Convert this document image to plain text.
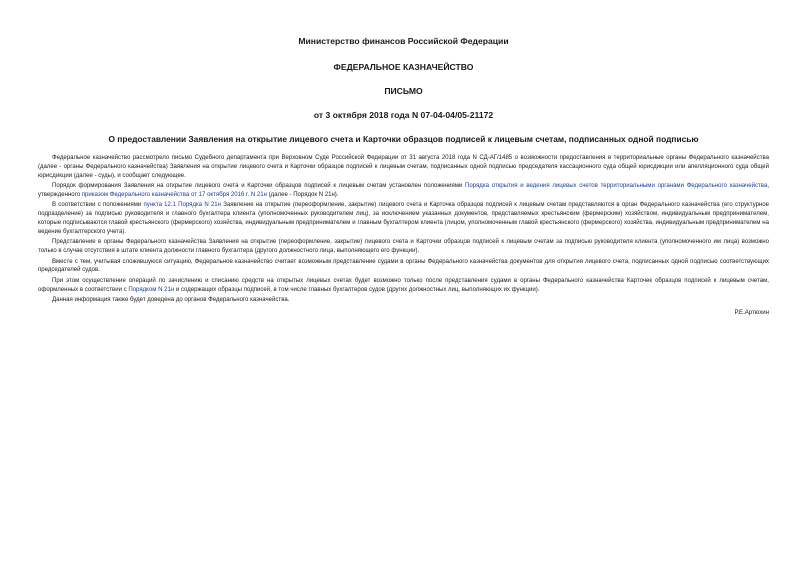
Министерство финансов Российской Федерации
ФЕДЕРАЛЬНОЕ КАЗНАЧЕЙСТВО
ПИСЬМО
от 3 октября 2018 года N 07-04-04/05-21172
О предоставлении Заявления на открытие лицевого счета и Карточки образцов подписей к лицевым счетам, подписанных одной подписью

Федеральное казначейство рассмотрело письмо Судебного департамента при Верховном Суде Российской Федерации от 31 августа 2018 года N СД-АГ/1485 о возможности предоставления в территориальные органы Федерального казначейства (далее - органы Федерального казначейства) Заявления на открытие лицевого счета и Карточки образцов подписей к лицевым счетам, подписанных одной подписью председателя кассационного суда общей юрисдикции или апелляционного суда общей юрисдикции (далее - суды), и сообщает следующее.

Порядок формирования Заявления на открытие лицевого счета и Карточки образцов подписей к лицевым счетам установлен положениями Порядка открытия и ведения лицевых счетов территориальными органами Федерального казначейства, утвержденного приказом Федерального казначейства от 17 октября 2016 г. N 21н (далее - Порядок N 21н).

В соответствии с положениями пункта 12.1 Порядка N 21н Заявление на открытие (переоформление, закрытие) лицевого счета и Карточка образцов подписей к лицевым счетам представляются в орган Федерального казначейства (его структурное подразделение) за подписью руководителя и главного бухгалтера клиента (уполномоченных руководителем лиц), за исключением указанных документов, представляемых крестьянским (фермерским) хозяйством, индивидуальным предпринимателем, которые подписываются главой крестьянского (фермерского) хозяйства, индивидуальным предпринимателем и главным бухгалтером клиента (лицом, уполномоченным главой крестьянского (фермерского) хозяйства, индивидуальным предпринимателем на ведение бухгалтерского учета).

Представление в органы Федерального казначейства Заявления на открытие (переоформление, закрытие) лицевого счета и Карточки образцов подписей к лицевым счетам за подписью руководителя клиента (уполномоченного им лица) возможно только в случае отсутствия в штате клиента должности главного бухгалтера (другого должностного лица, выполняющего его функции).

Вместе с тем, учитывая сложившуюся ситуацию, Федеральное казначейство считает возможным представление судами в органы Федерального казначейства документов для открытия лицевого счета, подписанных одной подписью соответствующих председателей судов.

При этом осуществление операций по зачислению и списанию средств на открытых лицевых счетах будет возможно только после представления судами в органы Федерального казначейства Карточек образцов подписей к лицевым счетам, оформленных в соответствии с Порядком N 21н и содержащих образцы подписей, в том числе главных бухгалтеров судов (других должностных лиц, выполняющих их функции).

Данная информация также будет доведена до органов Федерального казначейства.

Р.Е.Артюхин
